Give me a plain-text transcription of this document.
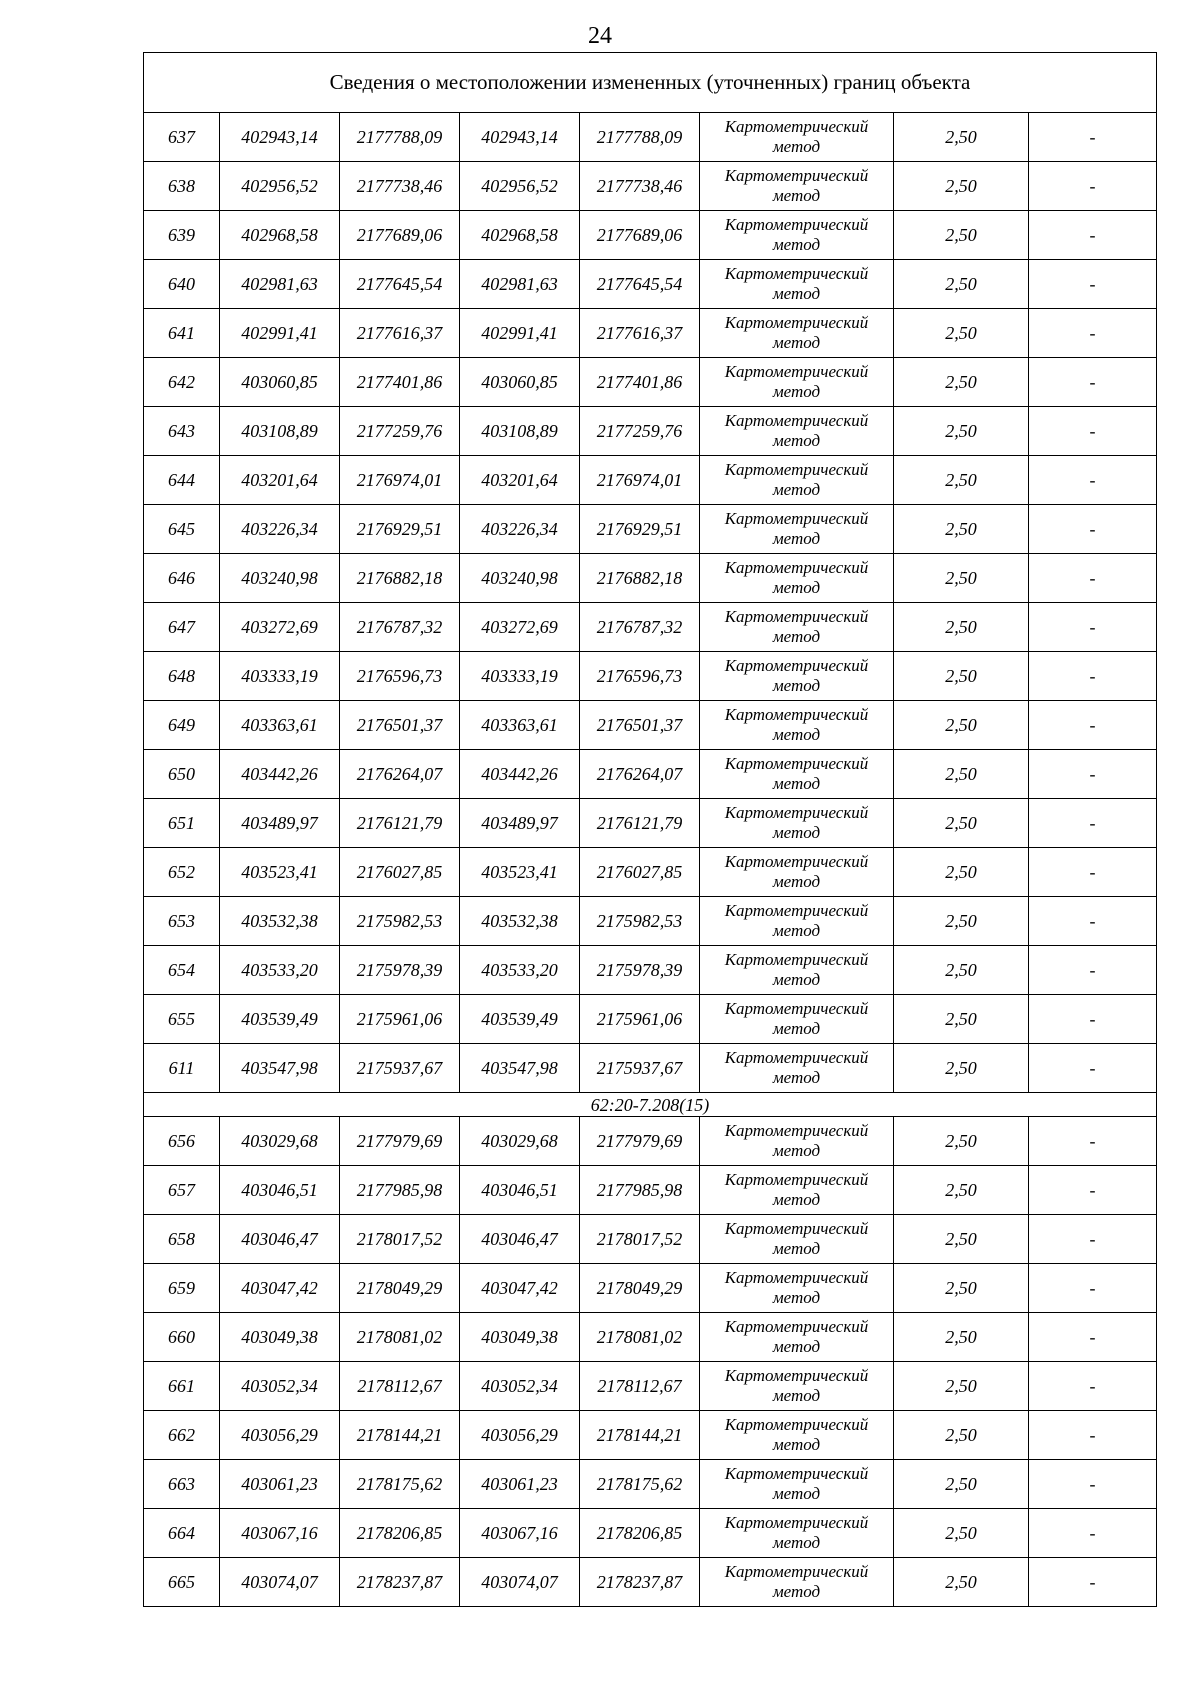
24
Сведения о местоположении измененных (уточненных) границ объекта							
637	402943,14	2177788,09	402943,14	2177788,09	Картометрический метод	2,50	-
638	402956,52	2177738,46	402956,52	2177738,46	Картометрический метод	2,50	-
639	402968,58	2177689,06	402968,58	2177689,06	Картометрический метод	2,50	-
640	402981,63	2177645,54	402981,63	2177645,54	Картометрический метод	2,50	-
641	402991,41	2177616,37	402991,41	2177616,37	Картометрический метод	2,50	-
642	403060,85	2177401,86	403060,85	2177401,86	Картометрический метод	2,50	-
643	403108,89	2177259,76	403108,89	2177259,76	Картометрический метод	2,50	-
644	403201,64	2176974,01	403201,64	2176974,01	Картометрический метод	2,50	-
645	403226,34	2176929,51	403226,34	2176929,51	Картометрический метод	2,50	-
646	403240,98	2176882,18	403240,98	2176882,18	Картометрический метод	2,50	-
647	403272,69	2176787,32	403272,69	2176787,32	Картометрический метод	2,50	-
648	403333,19	2176596,73	403333,19	2176596,73	Картометрический метод	2,50	-
649	403363,61	2176501,37	403363,61	2176501,37	Картометрический метод	2,50	-
650	403442,26	2176264,07	403442,26	2176264,07	Картометрический метод	2,50	-
651	403489,97	2176121,79	403489,97	2176121,79	Картометрический метод	2,50	-
652	403523,41	2176027,85	403523,41	2176027,85	Картометрический метод	2,50	-
653	403532,38	2175982,53	403532,38	2175982,53	Картометрический метод	2,50	-
654	403533,20	2175978,39	403533,20	2175978,39	Картометрический метод	2,50	-
655	403539,49	2175961,06	403539,49	2175961,06	Картометрический метод	2,50	-
611	403547,98	2175937,67	403547,98	2175937,67	Картометрический метод	2,50	-
62:20-7.208(15)							
656	403029,68	2177979,69	403029,68	2177979,69	Картометрический метод	2,50	-
657	403046,51	2177985,98	403046,51	2177985,98	Картометрический метод	2,50	-
658	403046,47	2178017,52	403046,47	2178017,52	Картометрический метод	2,50	-
659	403047,42	2178049,29	403047,42	2178049,29	Картометрический метод	2,50	-
660	403049,38	2178081,02	403049,38	2178081,02	Картометрический метод	2,50	-
661	403052,34	2178112,67	403052,34	2178112,67	Картометрический метод	2,50	-
662	403056,29	2178144,21	403056,29	2178144,21	Картометрический метод	2,50	-
663	403061,23	2178175,62	403061,23	2178175,62	Картометрический метод	2,50	-
664	403067,16	2178206,85	403067,16	2178206,85	Картометрический метод	2,50	-
665	403074,07	2178237,87	403074,07	2178237,87	Картометрический метод	2,50	-
